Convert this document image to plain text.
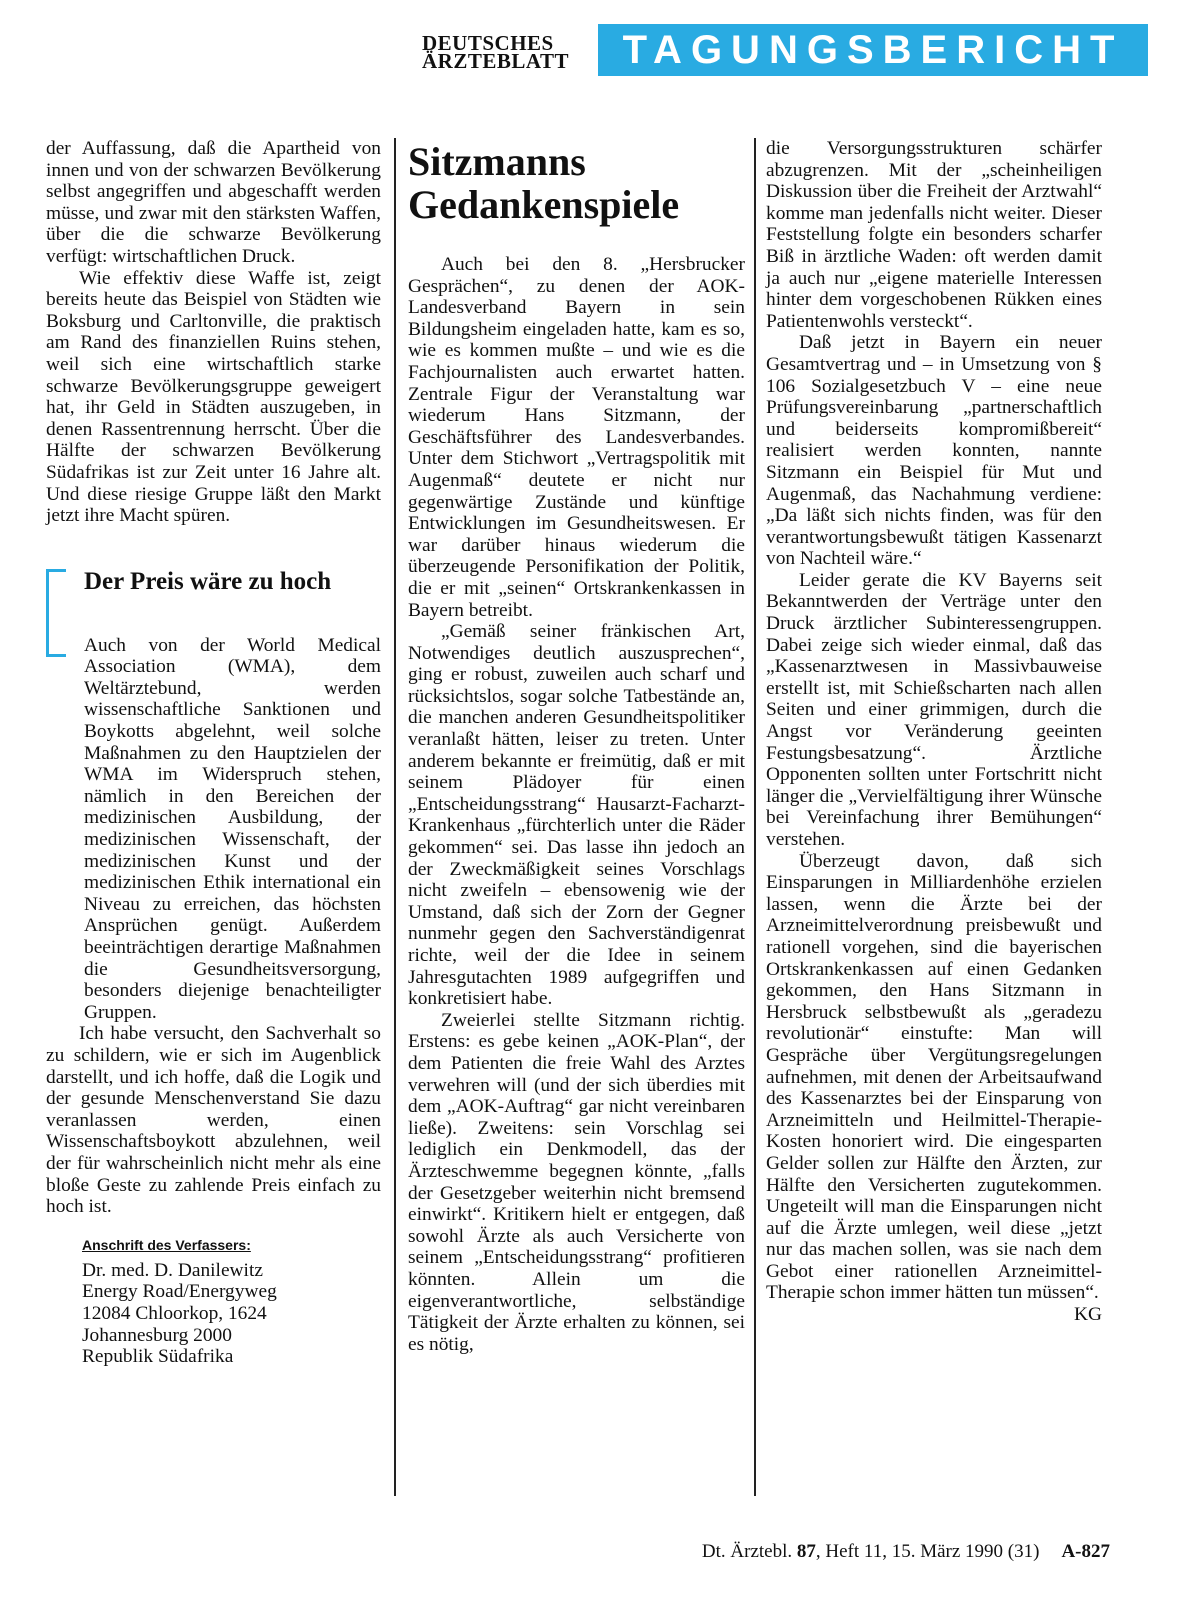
DEUTSCHES
ÄRZTEBLATT	TAGUNGSBERICHT

der Auffassung, daß die Apartheid von innen und von der schwarzen Bevölkerung selbst angegriffen und abgeschafft werden müsse, und zwar mit den stärksten Waffen, über die die schwarze Bevölkerung verfügt: wirtschaftlichen Druck.

Wie effektiv diese Waffe ist, zeigt bereits heute das Beispiel von Städten wie Boksburg und Carltonville, die praktisch am Rand des finanziellen Ruins stehen, weil sich eine wirtschaftlich starke schwarze Bevölkerungsgruppe geweigert hat, ihr Geld in Städten auszugeben, in denen Rassentrennung herrscht. Über die Hälfte der schwarzen Bevölkerung Südafrikas ist zur Zeit unter 16 Jahre alt. Und diese riesige Gruppe läßt den Markt jetzt ihre Macht spüren.

Der Preis wäre zu hoch

Auch von der World Medical Association (WMA), dem Weltärztebund, werden wissenschaftliche Sanktionen und Boykotts abgelehnt, weil solche Maßnahmen zu den Hauptzielen der WMA im Widerspruch stehen, nämlich in den Bereichen der medizinischen Ausbildung, der medizinischen Wissenschaft, der medizinischen Kunst und der medizinischen Ethik international ein Niveau zu erreichen, das höchsten Ansprüchen genügt. Außerdem beeinträchtigen derartige Maßnahmen die Gesundheitsversorgung, besonders diejenige benachteiligter Gruppen.

Ich habe versucht, den Sachverhalt so zu schildern, wie er sich im Augenblick darstellt, und ich hoffe, daß die Logik und der gesunde Menschenverstand Sie dazu veranlassen werden, einen Wissenschaftsboykott abzulehnen, weil der für wahrscheinlich nicht mehr als eine bloße Geste zu zahlende Preis einfach zu hoch ist.

Anschrift des Verfassers:
Dr. med. D. Danilewitz
Energy Road/Energyweg
12084 Chloorkop, 1624
Johannesburg 2000
Republik Südafrika
Sitzmanns Gedankenspiele

Auch bei den 8. „Hersbrucker Gesprächen“, zu denen der AOK-Landesverband Bayern in sein Bildungsheim eingeladen hatte, kam es so, wie es kommen mußte – und wie es die Fachjournalisten auch erwartet hatten. Zentrale Figur der Veranstaltung war wiederum Hans Sitzmann, der Geschäftsführer des Landesverbandes. Unter dem Stichwort „Vertragspolitik mit Augenmaß“ deutete er nicht nur gegenwärtige Zustände und künftige Entwicklungen im Gesundheitswesen. Er war darüber hinaus wiederum die überzeugende Personifikation der Politik, die er mit „seinen“ Ortskrankenkassen in Bayern betreibt.

„Gemäß seiner fränkischen Art, Notwendiges deutlich auszusprechen“, ging er robust, zuweilen auch scharf und rücksichtslos, sogar solche Tatbestände an, die manchen anderen Gesundheitspolitiker veranlaßt hätten, leiser zu treten. Unter anderem bekannte er freimütig, daß er mit seinem Plädoyer für einen „Entscheidungsstrang“ Hausarzt-Facharzt-Krankenhaus „fürchterlich unter die Räder gekommen“ sei. Das lasse ihn jedoch an der Zweckmäßigkeit seines Vorschlags nicht zweifeln – ebensowenig wie der Umstand, daß sich der Zorn der Gegner nunmehr gegen den Sachverständigenrat richte, weil der die Idee in seinem Jahresgutachten 1989 aufgegriffen und konkretisiert habe.

Zweierlei stellte Sitzmann richtig. Erstens: es gebe keinen „AOK-Plan“, der dem Patienten die freie Wahl des Arztes verwehren will (und der sich überdies mit dem „AOK-Auftrag“ gar nicht vereinbaren ließe). Zweitens: sein Vorschlag sei lediglich ein Denkmodell, das der Ärzteschwemme begegnen könnte, „falls der Gesetzgeber weiterhin nicht bremsend einwirkt“. Kritikern hielt er entgegen, daß sowohl Ärzte als auch Versicherte von seinem „Entscheidungsstrang“ profitieren könnten. Allein um die eigenverantwortliche, selbständige Tätigkeit der Ärzte erhalten zu können, sei es nötig,

die Versorgungsstrukturen schärfer abzugrenzen. Mit der „scheinheiligen Diskussion über die Freiheit der Arztwahl“ komme man jedenfalls nicht weiter. Dieser Feststellung folgte ein besonders scharfer Biß in ärztliche Waden: oft werden damit ja auch nur „eigene materielle Interessen hinter dem vorgeschobenen Rükken eines Patientenwohls versteckt“.

Daß jetzt in Bayern ein neuer Gesamtvertrag und – in Umsetzung von § 106 Sozialgesetzbuch V – eine neue Prüfungsvereinbarung „partnerschaftlich und beiderseits kompromißbereit“ realisiert werden konnten, nannte Sitzmann ein Beispiel für Mut und Augenmaß, das Nachahmung verdiene: „Da läßt sich nichts finden, was für den verantwortungsbewußt tätigen Kassenarzt von Nachteil wäre.“

Leider gerate die KV Bayerns seit Bekanntwerden der Verträge unter den Druck ärztlicher Subinteressengruppen. Dabei zeige sich wieder einmal, daß das „Kassenarztwesen in Massivbauweise erstellt ist, mit Schießscharten nach allen Seiten und einer grimmigen, durch die Angst vor Veränderung geeinten Festungsbesatzung“. Ärztliche Opponenten sollten unter Fortschritt nicht länger die „Vervielfältigung ihrer Wünsche bei Vereinfachung ihrer Bemühungen“ verstehen.

Überzeugt davon, daß sich Einsparungen in Milliardenhöhe erzielen lassen, wenn die Ärzte bei der Arzneimittelverordnung preisbewußt und rationell vorgehen, sind die bayerischen Ortskrankenkassen auf einen Gedanken gekommen, den Hans Sitzmann in Hersbruck selbstbewußt als „geradezu revolutionär“ einstufte: Man will Gespräche über Vergütungsregelungen aufnehmen, mit denen der Arbeitsaufwand des Kassenarztes bei der Einsparung von Arzneimitteln und Heilmittel-Therapie-Kosten honoriert wird. Die eingesparten Gelder sollen zur Hälfte den Ärzten, zur Hälfte den Versicherten zugutekommen. Ungeteilt will man die Einsparungen nicht auf die Ärzte umlegen, weil diese „jetzt nur das machen sollen, was sie nach dem Gebot einer rationellen Arzneimittel-Therapie schon immer hätten tun müssen“.

KG
Dt. Ärztebl. 87, Heft 11, 15. März 1990 (31) A-827
